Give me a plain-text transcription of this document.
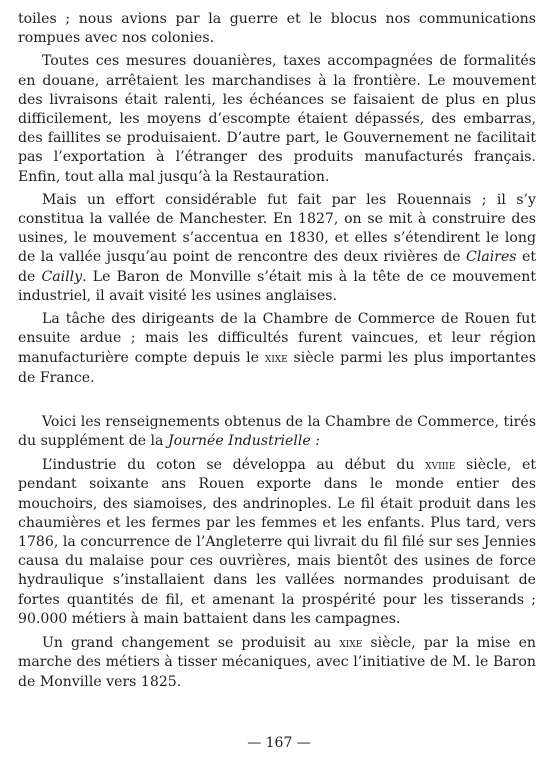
toiles ; nous avions par la guerre et le blocus nos communications rompues avec nos colonies.

Toutes ces mesures douanières, taxes accompagnées de formalités en douane, arrêtaient les marchandises à la frontière. Le mouvement des livraisons était ralenti, les échéances se faisaient de plus en plus difficilement, les moyens d’escompte étaient dépassés, des embarras, des faillites se produisaient. D’autre part, le Gouvernement ne facilitait pas l’exportation à l’étranger des produits manufacturés français. Enfin, tout alla mal jusqu’à la Restauration.

Mais un effort considérable fut fait par les Rouennais ; il s’y constitua la vallée de Manchester. En 1827, on se mit à construire des usines, le mouvement s’accentua en 1830, et elles s’étendirent le long de la vallée jusqu’au point de rencontre des deux rivières de Claires et de Cailly. Le Baron de Monville s’était mis à la tête de ce mouvement industriel, il avait visité les usines anglaises.

La tâche des dirigeants de la Chambre de Commerce de Rouen fut ensuite ardue ; mais les difficultés furent vaincues, et leur région manufacturière compte depuis le xixe siècle parmi les plus importantes de France.

Voici les renseignements obtenus de la Chambre de Commerce, tirés du supplément de la Journée Industrielle :

L’industrie du coton se développa au début du xviiie siècle, et pendant soixante ans Rouen exporte dans le monde entier des mouchoirs, des siamoises, des andrinoples. Le fil était produit dans les chaumières et les fermes par les femmes et les enfants. Plus tard, vers 1786, la concurrence de l’Angleterre qui livrait du fil filé sur ses Jennies causa du malaise pour ces ouvrières, mais bientôt des usines de force hydraulique s’installaient dans les vallées normandes produisant de fortes quantités de fil, et amenant la prospérité pour les tisserands ; 90.000 métiers à main battaient dans les campagnes.

Un grand changement se produisit au xixe siècle, par la mise en marche des métiers à tisser mécaniques, avec l’initiative de M. le Baron de Monville vers 1825.

— 167 —
